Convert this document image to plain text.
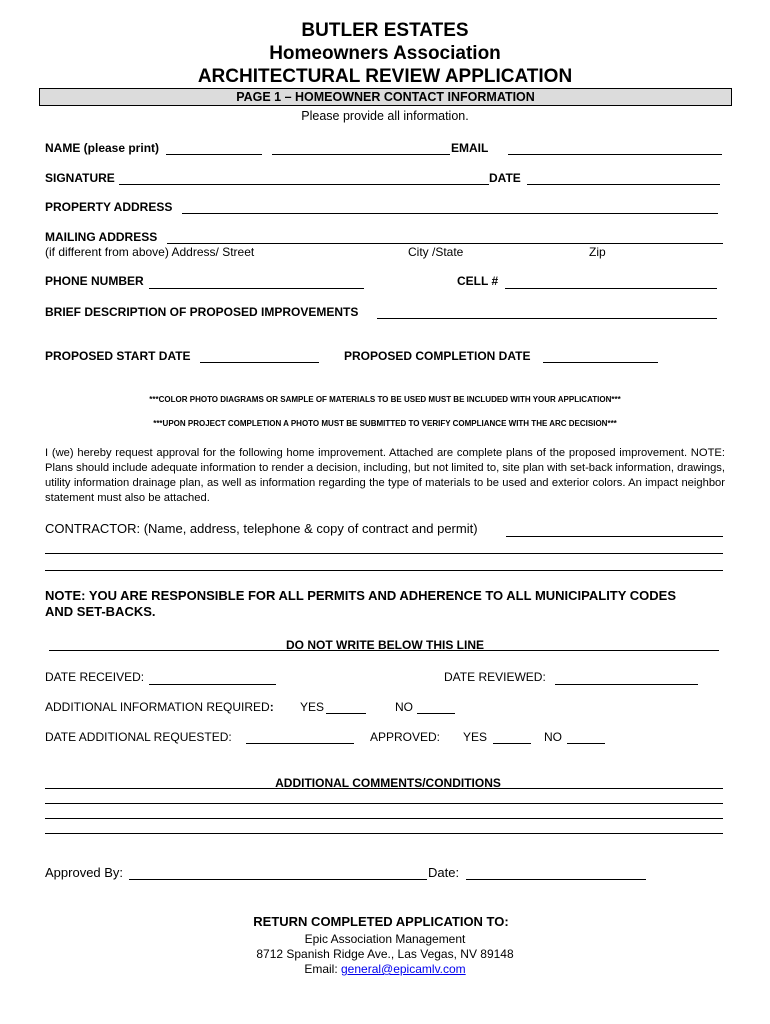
BUTLER ESTATES
Homeowners Association
ARCHITECTURAL REVIEW APPLICATION
PAGE 1 – HOMEOWNER CONTACT INFORMATION
Please provide all information.
NAME (please print)	EMAIL
SIGNATURE	DATE
PROPERTY ADDRESS
MAILING ADDRESS
(if different from above) Address/ Street	City /State	Zip
PHONE NUMBER	CELL #
BRIEF DESCRIPTION OF PROPOSED IMPROVEMENTS
PROPOSED START DATE	PROPOSED COMPLETION DATE
***COLOR PHOTO DIAGRAMS OR SAMPLE OF MATERIALS TO BE USED MUST BE INCLUDED WITH YOUR APPLICATION***
***UPON PROJECT COMPLETION A PHOTO MUST BE SUBMITTED TO VERIFY COMPLIANCE WITH THE ARC DECISION***
I (we) hereby request approval for the following home improvement. Attached are complete plans of the proposed improvement. NOTE: Plans should include adequate information to render a decision, including, but not limited to, site plan with set-back information, drawings, utility information drainage plan, as well as information regarding the type of materials to be used and exterior colors. An impact neighbor statement must also be attached.
CONTRACTOR: (Name, address, telephone & copy of contract and permit)
NOTE: YOU ARE RESPONSIBLE FOR ALL PERMITS AND ADHERENCE TO ALL MUNICIPALITY CODES AND SET-BACKS.
DO NOT WRITE BELOW THIS LINE
DATE RECEIVED:	DATE REVIEWED:
ADDITIONAL INFORMATION REQUIRED: YES	NO
DATE ADDITIONAL REQUESTED:	APPROVED: YES	NO
ADDITIONAL COMMENTS/CONDITIONS
Approved By:	Date:
RETURN COMPLETED APPLICATION TO:
Epic Association Management
8712 Spanish Ridge Ave., Las Vegas, NV 89148
Email: general@epicamlv.com
